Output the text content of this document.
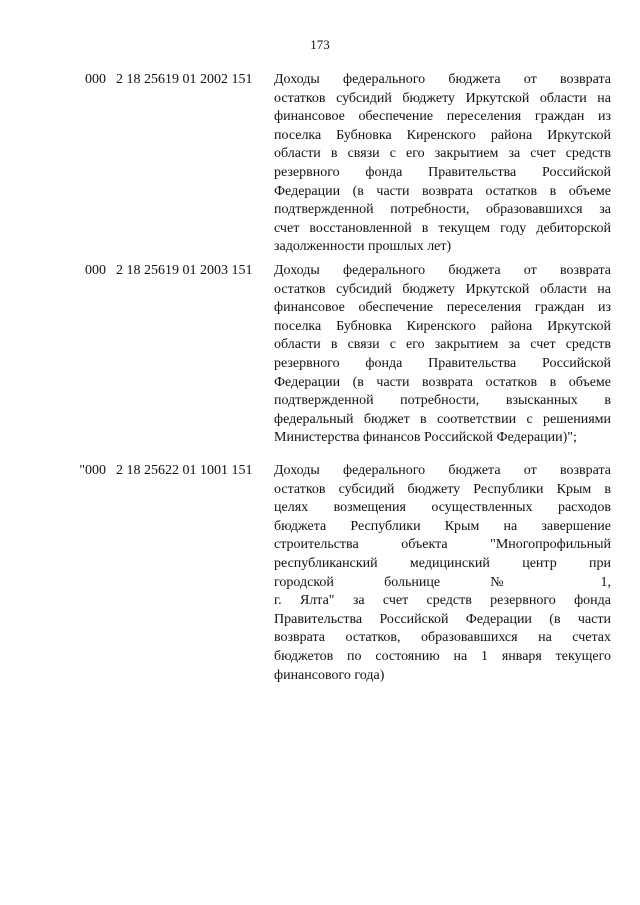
173
000 2 18 25619 01 2002 151 Доходы федерального бюджета от возврата
остатков субсидий бюджету Иркутской области на
финансовое обеспечение переселения граждан из
поселка Бубновка Киренского района Иркутской
области в связи с его закрытием за счет средств
резервного фонда Правительства Российской
Федерации (в части возврата остатков в объеме
подтвержденной потребности, образовавшихся за
счет восстановленной в текущем году дебиторской
задолженности прошлых лет)
000 2 18 25619 01 2003 151 Доходы федерального бюджета от возврата
остатков субсидий бюджету Иркутской области на
финансовое обеспечение переселения граждан из
поселка Бубновка Киренского района Иркутской
области в связи с его закрытием за счет средств
резервного фонда Правительства Российской
Федерации (в части возврата остатков в объеме
подтвержденной потребности, взысканных в
федеральный бюджет в соответствии с решениями
Министерства финансов Российской Федерации)";
"000 2 18 25622 01 1001 151 Доходы федерального бюджета от возврата
остатков субсидий бюджету Республики Крым в
целях возмещения осуществленных расходов
бюджета Республики Крым на завершение
строительства объекта "Многопрофильный
республиканский медицинский центр при
городской больнице № 1,
г. Ялта" за счет средств резервного фонда
Правительства Российской Федерации (в части
возврата остатков, образовавшихся на счетах
бюджетов по состоянию на 1 января текущего
финансового года)
